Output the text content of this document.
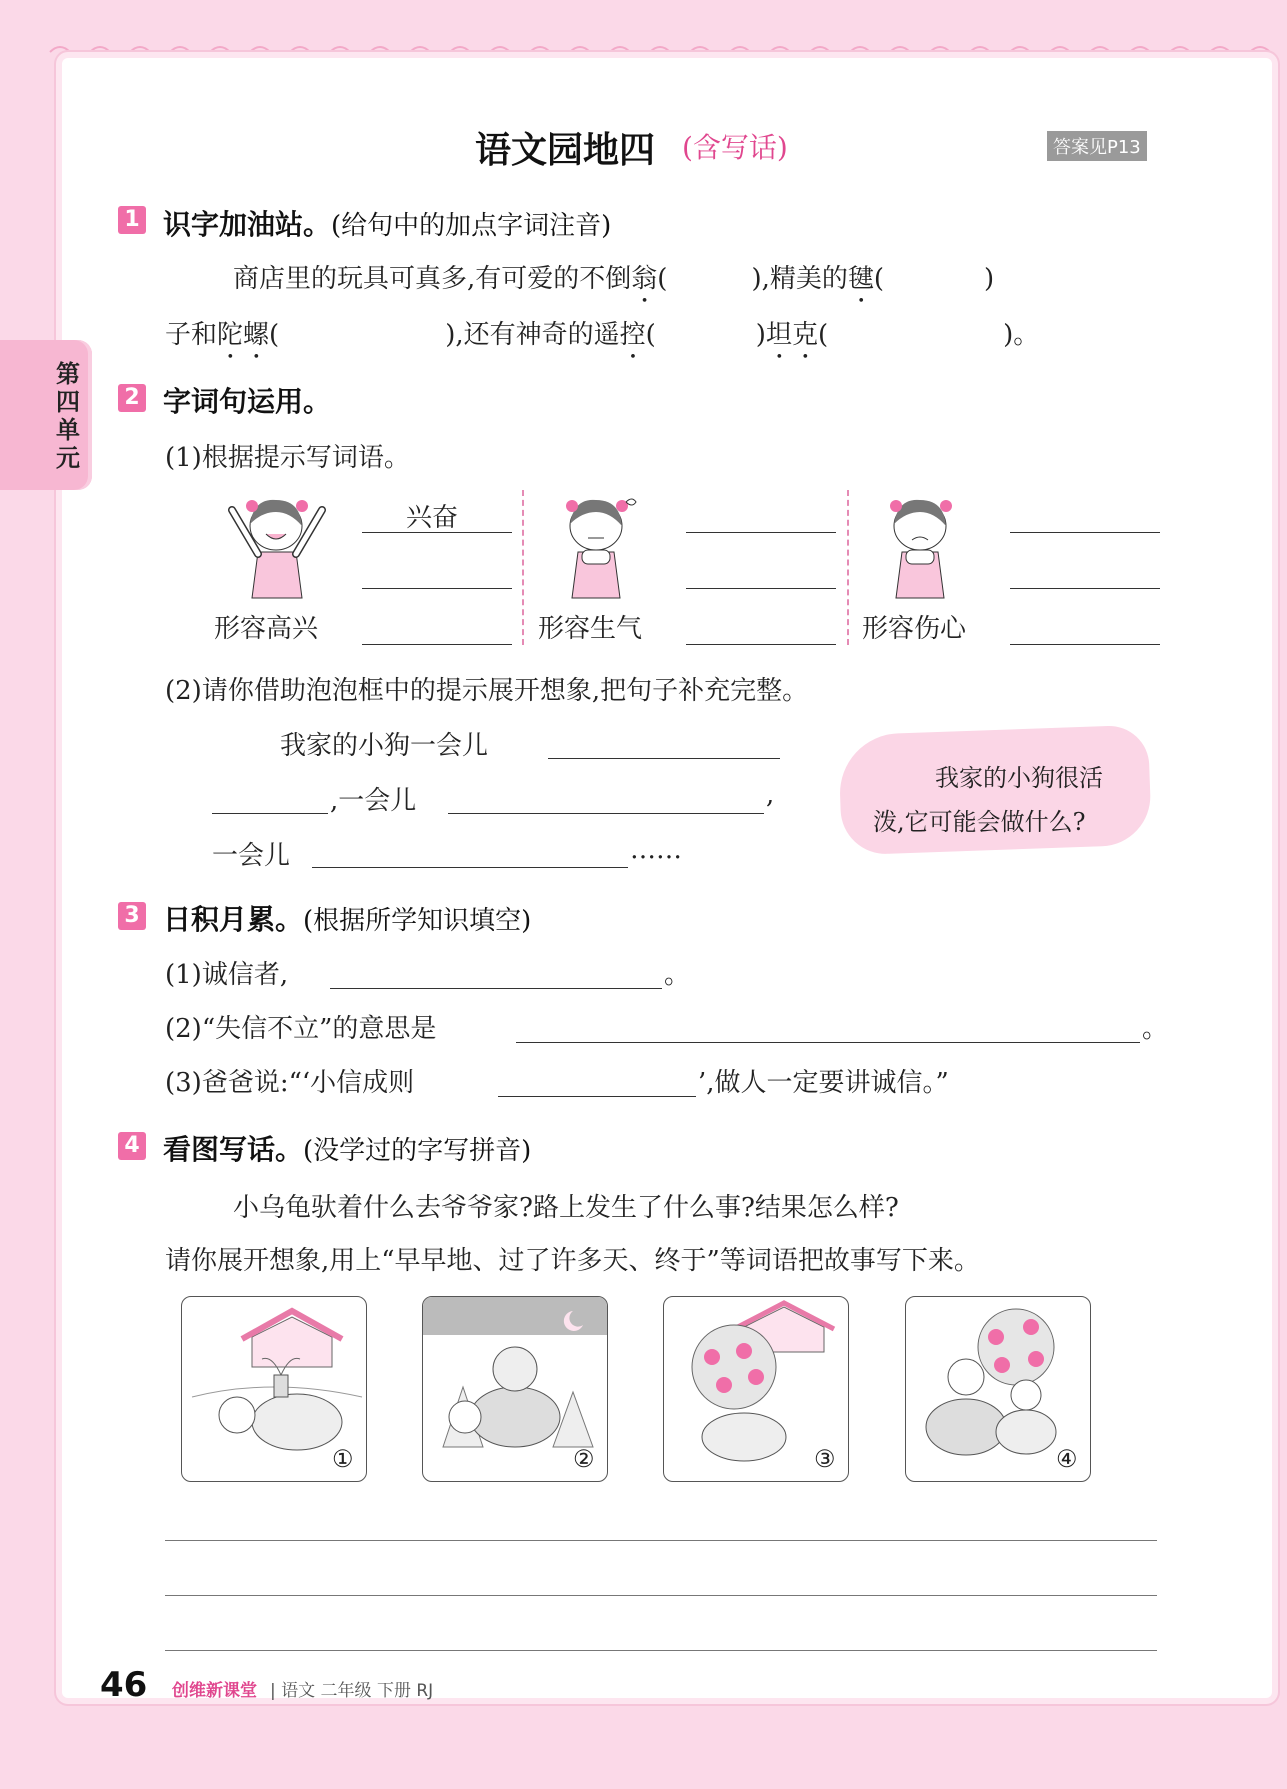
语文园地四 (含写话)	答案见P13
第四单元
1 识字加油站。(给句中的加点字词注音)
商店里的玩具可真多,有可爱的不倒翁(	),精美的毽(	)
子和陀螺(	),还有神奇的遥控(	)坦克(	)。
2 字词句运用。
(1)根据提示写词语。
兴奋
形容高兴	形容生气	形容伤心
(2)请你借助泡泡框中的提示展开想象,把句子补充完整。
我家的小狗一会儿
,一会儿	,
一会儿	……
我家的小狗很活
泼,它可能会做什么?
3 日积月累。(根据所学知识填空)
(1)诚信者,	。
(2)“失信不立”的意思是	。
(3)爸爸说:“‘小信成则	’,做人一定要讲诚信。”
4 看图写话。(没学过的字写拼音)
小乌龟驮着什么去爷爷家?路上发生了什么事?结果怎么样?
请你展开想象,用上“早早地、过了许多天、终于”等词语把故事写下来。
①	②	③	④
46 创维新课堂 | 语文 二年级 下册 RJ
